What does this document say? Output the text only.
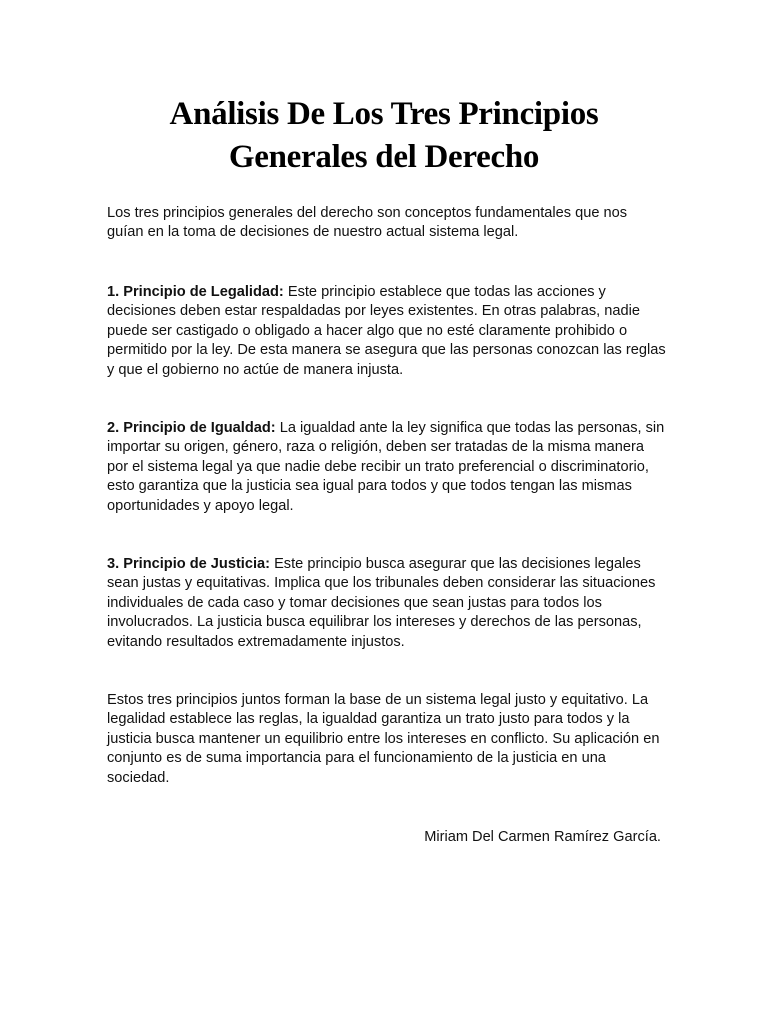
Análisis De Los Tres Principios
Generales del Derecho

Los tres principios generales del derecho son conceptos fundamentales que nos guían en la toma de decisiones de nuestro actual sistema legal.

1. Principio de Legalidad: Este principio establece que todas las acciones y decisiones deben estar respaldadas por leyes existentes. En otras palabras, nadie puede ser castigado o obligado a hacer algo que no esté claramente prohibido o permitido por la ley. De esta manera se asegura que las personas conozcan las reglas y que el gobierno no actúe de manera injusta.

2. Principio de Igualdad: La igualdad ante la ley significa que todas las personas, sin importar su origen, género, raza o religión, deben ser tratadas de la misma manera por el sistema legal ya que nadie debe recibir un trato preferencial o discriminatorio, esto garantiza que la justicia sea igual para todos y que todos tengan las mismas oportunidades y apoyo legal.

3. Principio de Justicia: Este principio busca asegurar que las decisiones legales sean justas y equitativas. Implica que los tribunales deben considerar las situaciones individuales de cada caso y tomar decisiones que sean justas para todos los involucrados. La justicia busca equilibrar los intereses y derechos de las personas, evitando resultados extremadamente injustos.

Estos tres principios juntos forman la base de un sistema legal justo y equitativo. La legalidad establece las reglas, la igualdad garantiza un trato justo para todos y la justicia busca mantener un equilibrio entre los intereses en conflicto. Su aplicación en conjunto es de suma importancia para el funcionamiento de la justicia en una sociedad.

Miriam Del Carmen Ramírez García.
